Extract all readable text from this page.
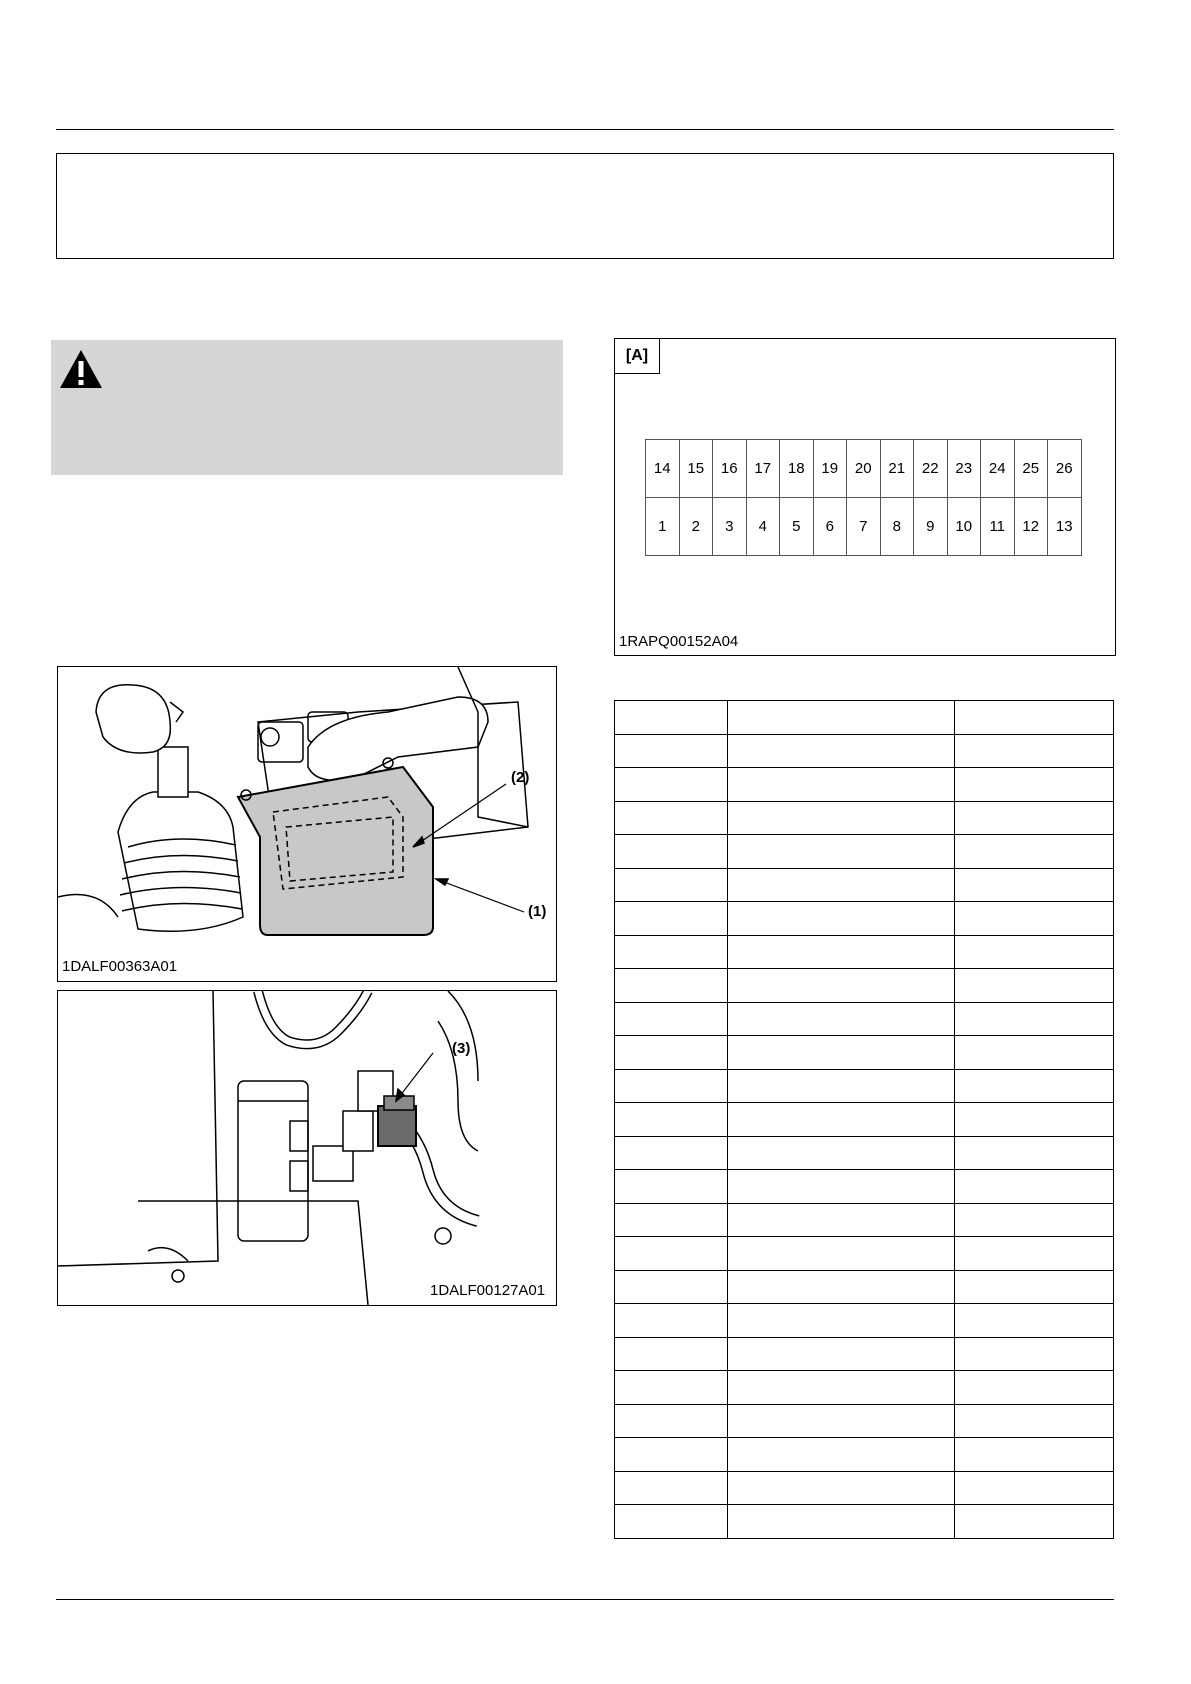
(2)
(1)
1DALF00363A01
(3)
1DALF00127A01
[A]
14	15	16	17	18	19	20	21	22	23	24	25	26
1	2	3	4	5	6	7	8	9	10	11	12	13
1RAPQ00152A04
